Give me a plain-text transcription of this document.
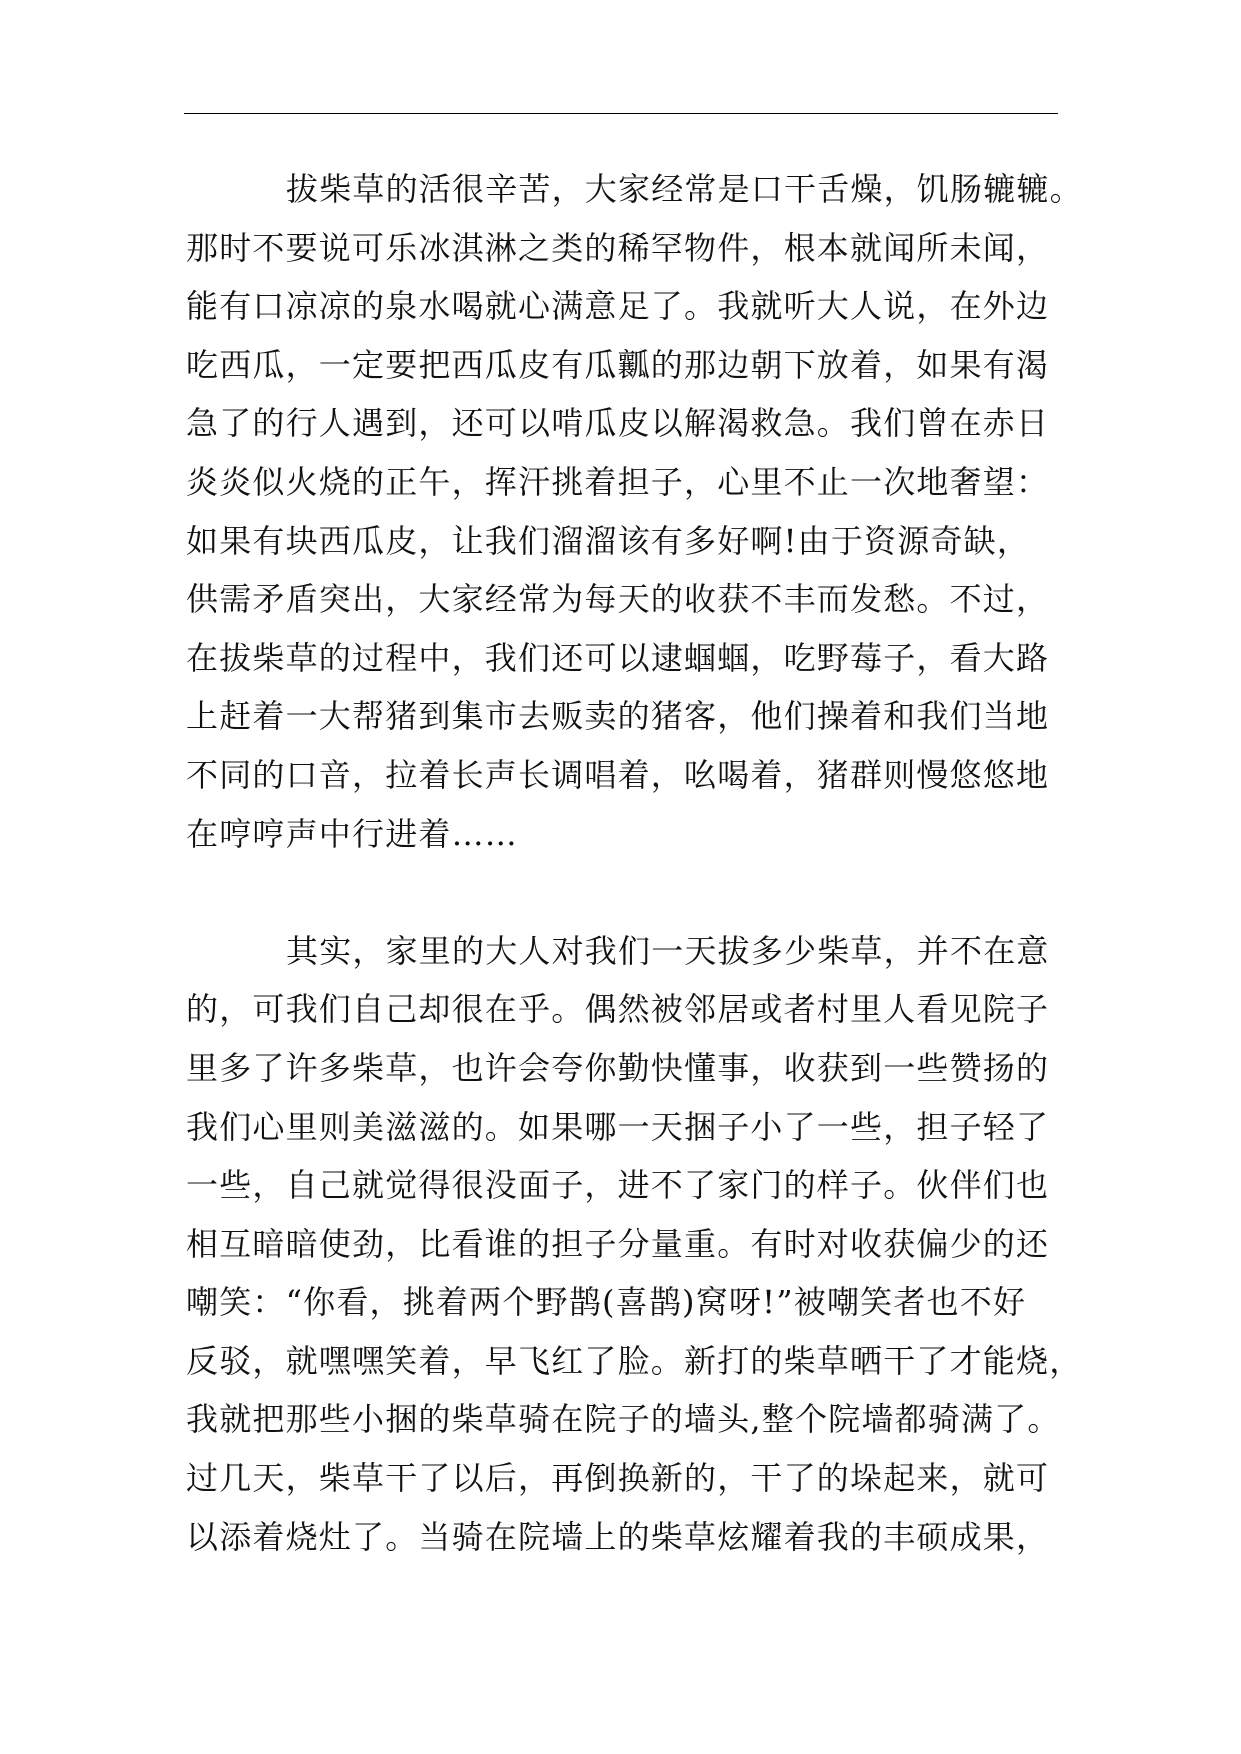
拔柴草的活很辛苦，大家经常是口干舌燥，饥肠辘辘。
那时不要说可乐冰淇淋之类的稀罕物件，根本就闻所未闻，
能有口凉凉的泉水喝就心满意足了。我就听大人说，在外边
吃西瓜，一定要把西瓜皮有瓜瓤的那边朝下放着，如果有渴
急了的行人遇到，还可以啃瓜皮以解渴救急。我们曾在赤日
炎炎似火烧的正午，挥汗挑着担子，心里不止一次地奢望：
如果有块西瓜皮，让我们溜溜该有多好啊!由于资源奇缺，
供需矛盾突出，大家经常为每天的收获不丰而发愁。不过，
在拔柴草的过程中，我们还可以逮蝈蝈，吃野莓子，看大路
上赶着一大帮猪到集市去贩卖的猪客，他们操着和我们当地
不同的口音，拉着长声长调唱着，吆喝着，猪群则慢悠悠地
在哼哼声中行进着……
其实，家里的大人对我们一天拔多少柴草，并不在意
的，可我们自己却很在乎。偶然被邻居或者村里人看见院子
里多了许多柴草，也许会夸你勤快懂事，收获到一些赞扬的
我们心里则美滋滋的。如果哪一天捆子小了一些，担子轻了
一些，自己就觉得很没面子，进不了家门的样子。伙伴们也
相互暗暗使劲，比看谁的担子分量重。有时对收获偏少的还
嘲笑：“你看，挑着两个野鹊(喜鹊)窝呀!”被嘲笑者也不好
反驳，就嘿嘿笑着，早飞红了脸。新打的柴草晒干了才能烧，
我就把那些小捆的柴草骑在院子的墙头,整个院墙都骑满了。
过几天，柴草干了以后，再倒换新的，干了的垛起来，就可
以添着烧灶了。当骑在院墙上的柴草炫耀着我的丰硕成果，
